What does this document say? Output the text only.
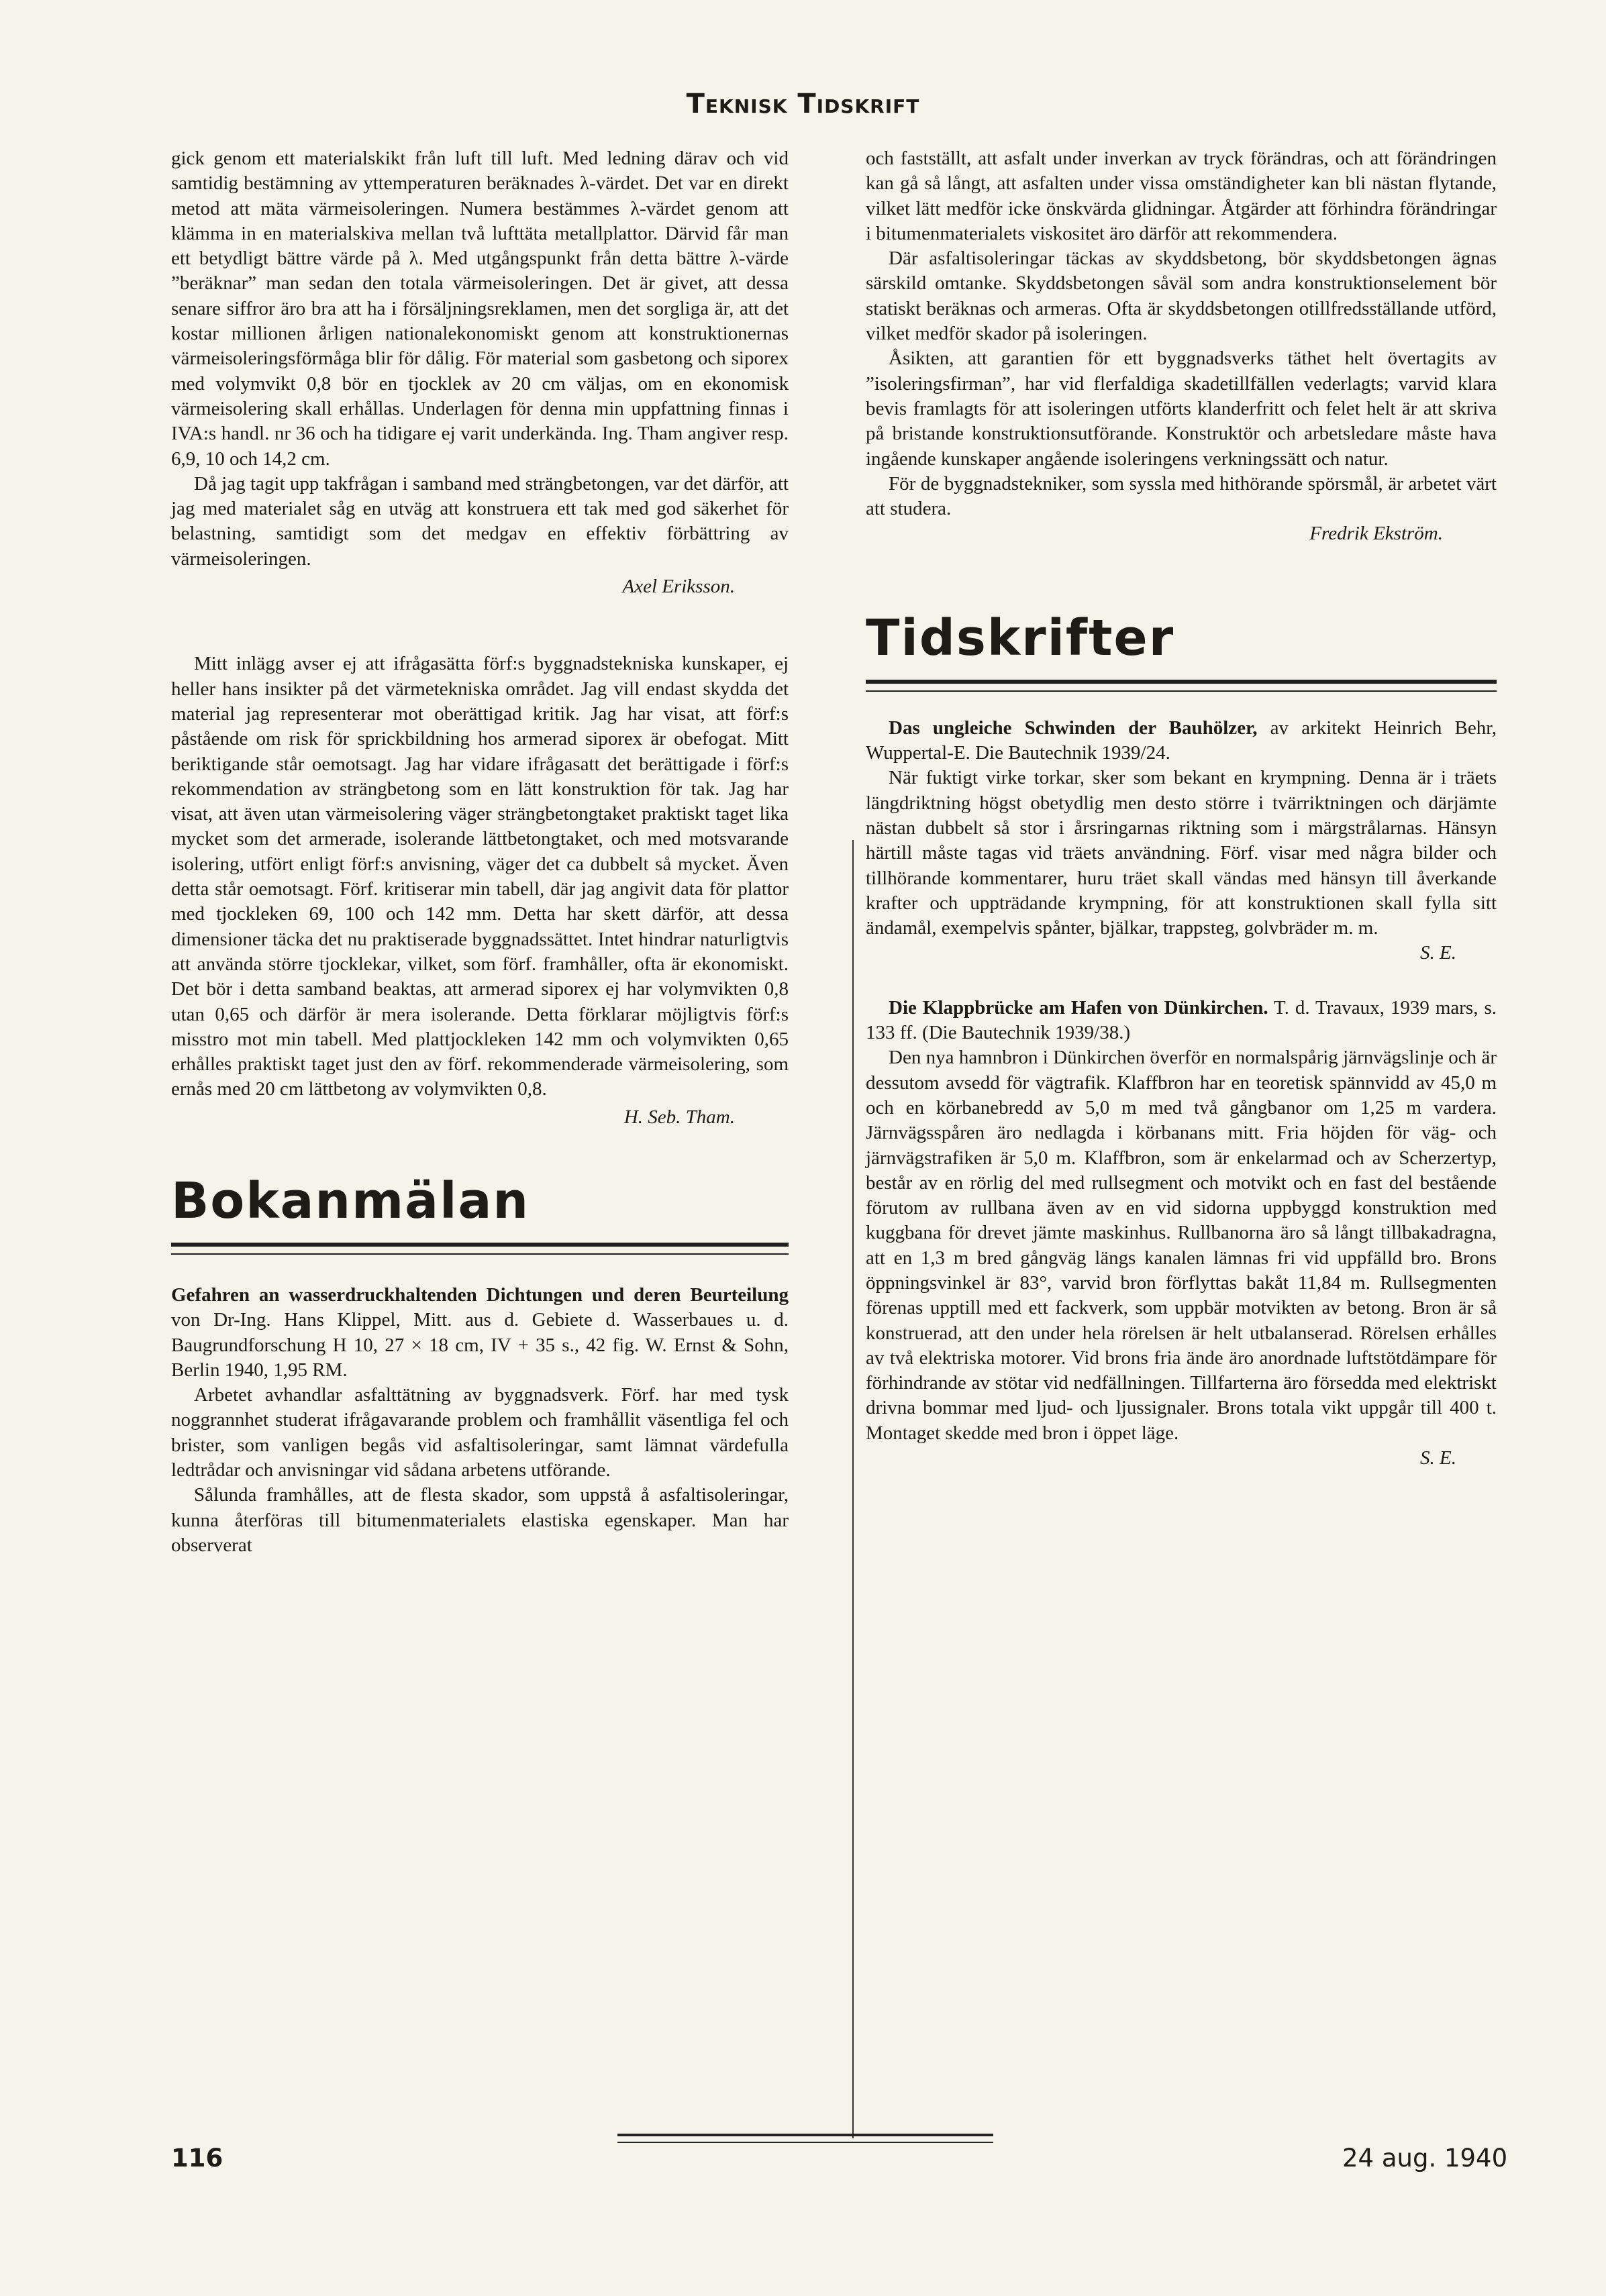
Teknisk Tidskrift

gick genom ett materialskikt från luft till luft. Med ledning därav och vid samtidig bestämning av yttemperaturen beräknades λ-värdet. Det var en direkt metod att mäta värmeisoleringen. Numera bestämmes λ-värdet genom att klämma in en materialskiva mellan två lufttäta metallplattor. Därvid får man ett betydligt bättre värde på λ. Med utgångspunkt från detta bättre λ-värde ”beräknar” man sedan den totala värmeisoleringen. Det är givet, att dessa senare siffror äro bra att ha i försäljningsreklamen, men det sorgliga är, att det kostar millionen årligen nationalekonomiskt genom att konstruktionernas värmeisoleringsförmåga blir för dålig. För material som gasbetong och siporex med volymvikt 0,8 bör en tjocklek av 20 cm väljas, om en ekonomisk värmeisolering skall erhållas. Underlagen för denna min uppfattning finnas i IVA:s handl. nr 36 och ha tidigare ej varit underkända. Ing. Tham angiver resp. 6,9, 10 och 14,2 cm.

Då jag tagit upp takfrågan i samband med strängbetongen, var det därför, att jag med materialet såg en utväg att konstruera ett tak med god säkerhet för belastning, samtidigt som det medgav en effektiv förbättring av värmeisoleringen.

Axel Eriksson.

Mitt inlägg avser ej att ifrågasätta förf:s byggnadstekniska kunskaper, ej heller hans insikter på det värmetekniska området. Jag vill endast skydda det material jag representerar mot oberättigad kritik. Jag har visat, att förf:s påstående om risk för sprickbildning hos armerad siporex är obefogat. Mitt beriktigande står oemotsagt. Jag har vidare ifrågasatt det berättigade i förf:s rekommendation av strängbetong som en lätt konstruktion för tak. Jag har visat, att även utan värmeisolering väger strängbetongtaket praktiskt taget lika mycket som det armerade, isolerande lättbetongtaket, och med motsvarande isolering, utfört enligt förf:s anvisning, väger det ca dubbelt så mycket. Även detta står oemotsagt. Förf. kritiserar min tabell, där jag angivit data för plattor med tjockleken 69, 100 och 142 mm. Detta har skett därför, att dessa dimensioner täcka det nu praktiserade byggnadssättet. Intet hindrar naturligtvis att använda större tjocklekar, vilket, som förf. framhåller, ofta är ekonomiskt. Det bör i detta samband beaktas, att armerad siporex ej har volymvikten 0,8 utan 0,65 och därför är mera isolerande. Detta förklarar möjligtvis förf:s misstro mot min tabell. Med plattjockleken 142 mm och volymvikten 0,65 erhålles praktiskt taget just den av förf. rekommenderade värmeisolering, som ernås med 20 cm lättbetong av volymvikten 0,8.

H. Seb. Tham.
Bokanmälan

Gefahren an wasserdruckhaltenden Dichtungen und deren Beurteilung von Dr-Ing. Hans Klippel, Mitt. aus d. Gebiete d. Wasserbaues u. d. Baugrundforschung H 10, 27 × 18 cm, IV + 35 s., 42 fig. W. Ernst & Sohn, Berlin 1940, 1,95 RM.

Arbetet avhandlar asfalttätning av byggnadsverk. Förf. har med tysk noggrannhet studerat ifrågavarande problem och framhållit väsentliga fel och brister, som vanligen begås vid asfaltisoleringar, samt lämnat värdefulla ledtrådar och anvisningar vid sådana arbetens utförande.

Sålunda framhålles, att de flesta skador, som uppstå å asfaltisoleringar, kunna återföras till bitumenmaterialets elastiska egenskaper. Man har observerat

och fastställt, att asfalt under inverkan av tryck förändras, och att förändringen kan gå så långt, att asfalten under vissa omständigheter kan bli nästan flytande, vilket lätt medför icke önskvärda glidningar. Åtgärder att förhindra förändringar i bitumenmaterialets viskositet äro därför att rekommendera.

Där asfaltisoleringar täckas av skyddsbetong, bör skyddsbetongen ägnas särskild omtanke. Skyddsbetongen såväl som andra konstruktionselement bör statiskt beräknas och armeras. Ofta är skyddsbetongen otillfredsställande utförd, vilket medför skador på isoleringen.

Åsikten, att garantien för ett byggnadsverks täthet helt övertagits av ”isoleringsfirman”, har vid flerfaldiga skadetillfällen vederlagts; varvid klara bevis framlagts för att isoleringen utförts klanderfritt och felet helt är att skriva på bristande konstruktionsutförande. Konstruktör och arbetsledare måste hava ingående kunskaper angående isoleringens verkningssätt och natur.

För de byggnadstekniker, som syssla med hithörande spörsmål, är arbetet värt att studera.

Fredrik Ekström.
Tidskrifter

Das ungleiche Schwinden der Bauhölzer, av arkitekt Heinrich Behr, Wuppertal-E. Die Bautechnik 1939/24.

När fuktigt virke torkar, sker som bekant en krympning. Denna är i träets längdriktning högst obetydlig men desto större i tvärriktningen och därjämte nästan dubbelt så stor i årsringarnas riktning som i märgstrålarnas. Hänsyn härtill måste tagas vid träets användning. Förf. visar med några bilder och tillhörande kommentarer, huru träet skall vändas med hänsyn till åverkande krafter och uppträdande krympning, för att konstruktionen skall fylla sitt ändamål, exempelvis spånter, bjälkar, trappsteg, golvbräder m. m.

S. E.

Die Klappbrücke am Hafen von Dünkirchen. T. d. Travaux, 1939 mars, s. 133 ff. (Die Bautechnik 1939/38.)

Den nya hamnbron i Dünkirchen överför en normalspårig järnvägslinje och är dessutom avsedd för vägtrafik. Klaffbron har en teoretisk spännvidd av 45,0 m och en körbanebredd av 5,0 m med två gångbanor om 1,25 m vardera. Järnvägsspåren äro nedlagda i körbanans mitt. Fria höjden för väg- och järnvägstrafiken är 5,0 m. Klaffbron, som är enkelarmad och av Scherzertyp, består av en rörlig del med rullsegment och motvikt och en fast del bestående förutom av rullbana även av en vid sidorna uppbyggd konstruktion med kuggbana för drevet jämte maskinhus. Rullbanorna äro så långt tillbakadragna, att en 1,3 m bred gångväg längs kanalen lämnas fri vid uppfälld bro. Brons öppningsvinkel är 83°, varvid bron förflyttas bakåt 11,84 m. Rullsegmenten förenas upptill med ett fackverk, som uppbär motvikten av betong. Bron är så konstruerad, att den under hela rörelsen är helt utbalanserad. Rörelsen erhålles av två elektriska motorer. Vid brons fria ände äro anordnade luftstötdämpare för förhindrande av stötar vid nedfällningen. Tillfarterna äro försedda med elektriskt drivna bommar med ljud- och ljussignaler. Brons totala vikt uppgår till 400 t. Montaget skedde med bron i öppet läge.

S. E.
116	24 aug. 1940
